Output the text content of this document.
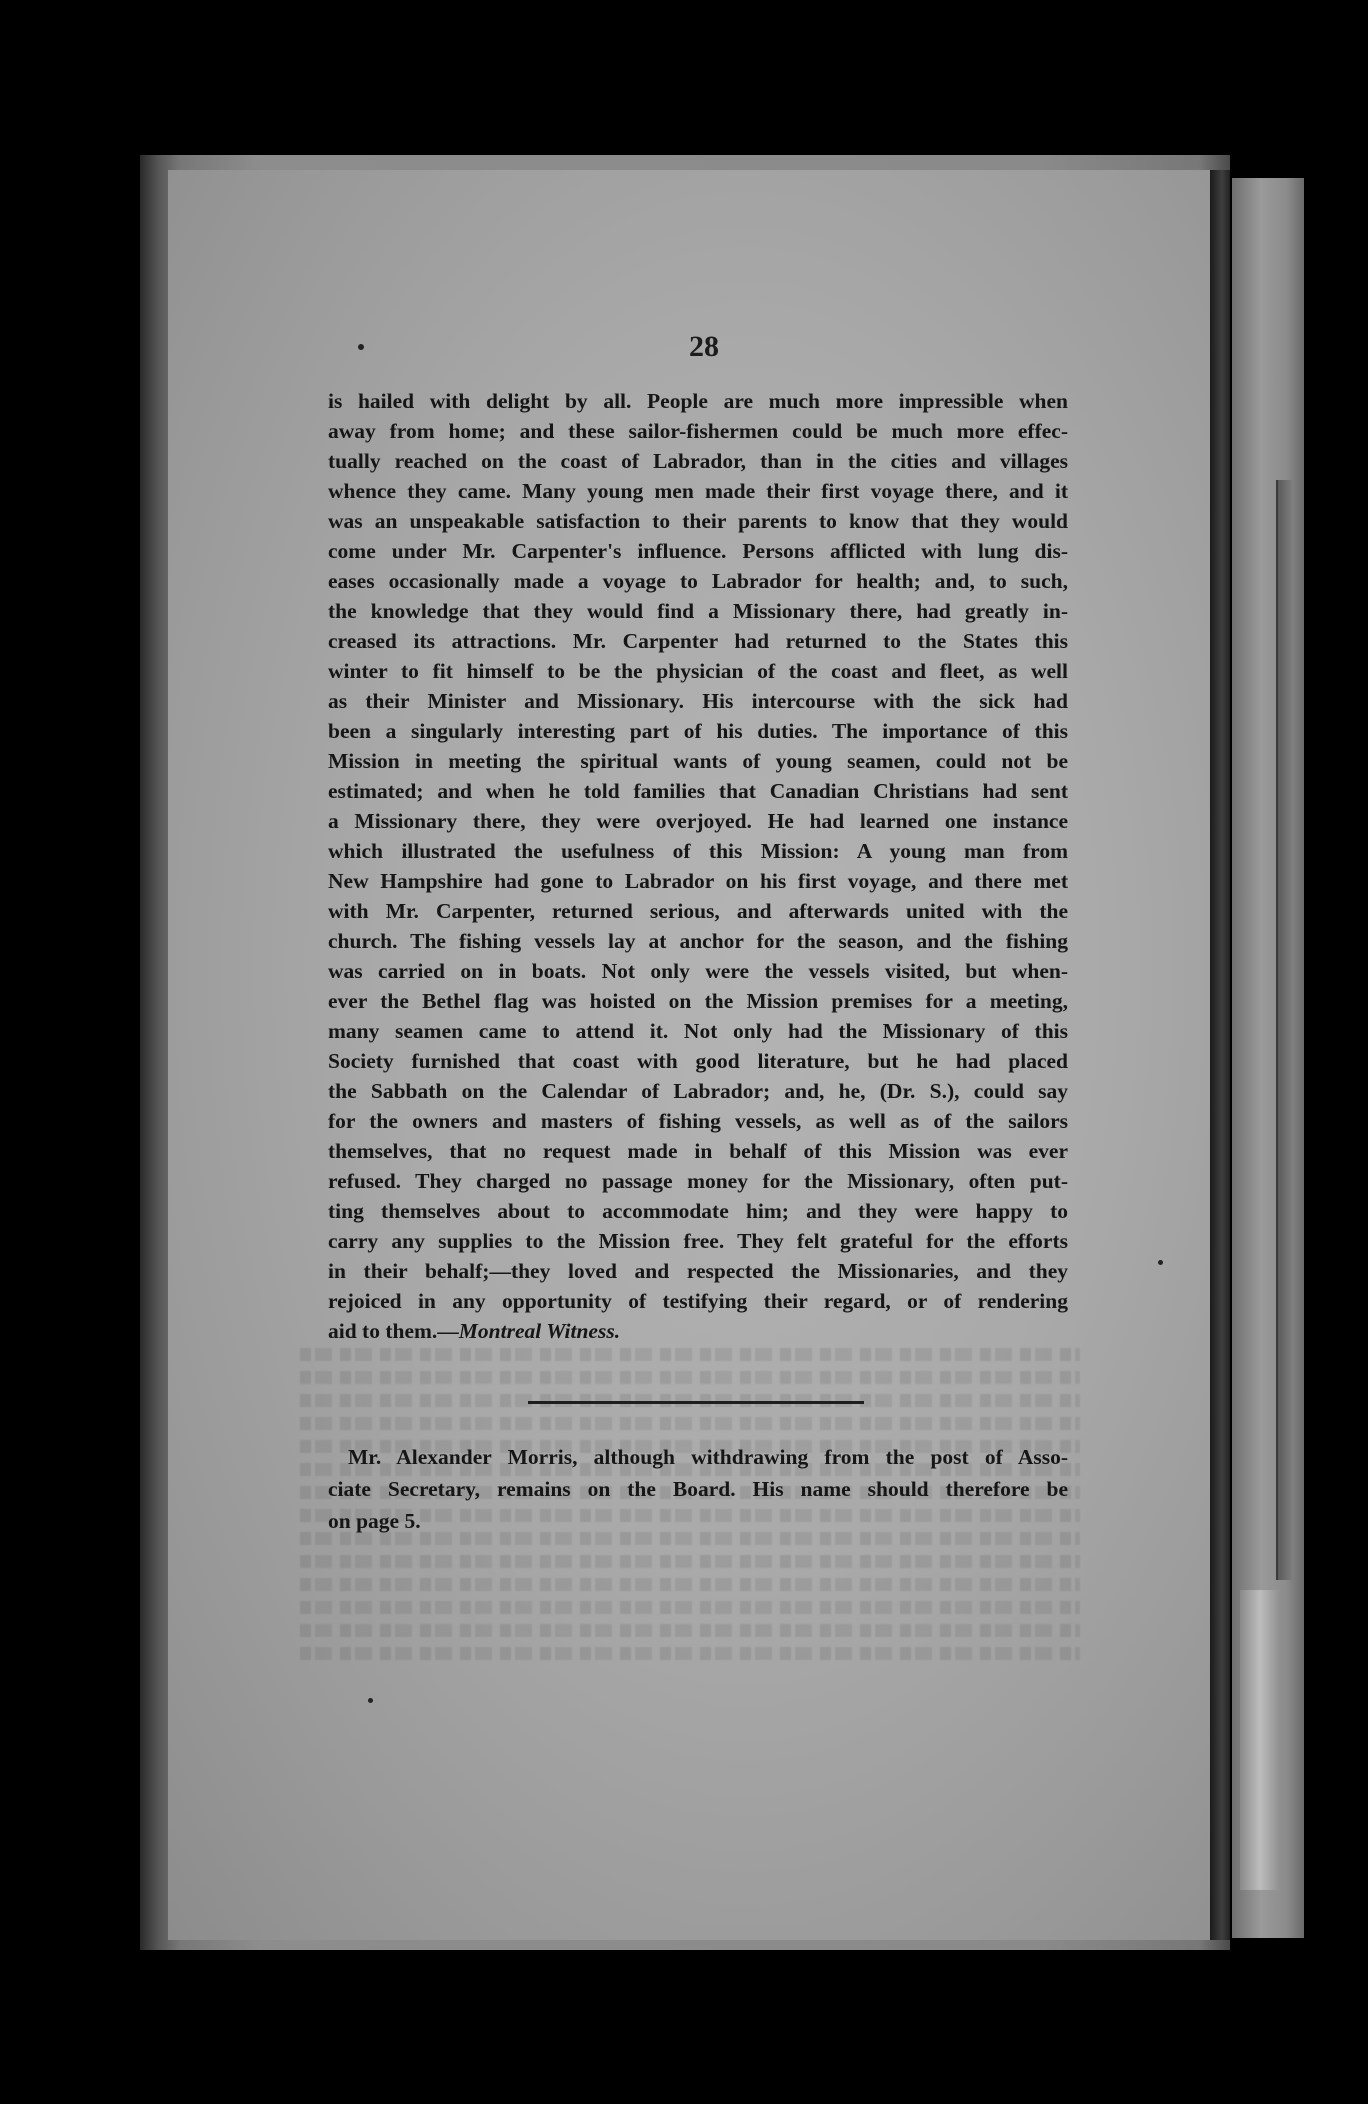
28
is hailed with delight by all. People are much more impressible when
away from home; and these sailor-fishermen could be much more effec-
tually reached on the coast of Labrador, than in the cities and villages
whence they came. Many young men made their first voyage there, and it
was an unspeakable satisfaction to their parents to know that they would
come under Mr. Carpenter's influence. Persons afflicted with lung dis-
eases occasionally made a voyage to Labrador for health; and, to such,
the knowledge that they would find a Missionary there, had greatly in-
creased its attractions. Mr. Carpenter had returned to the States this
winter to fit himself to be the physician of the coast and fleet, as well
as their Minister and Missionary. His intercourse with the sick had
been a singularly interesting part of his duties. The importance of this
Mission in meeting the spiritual wants of young seamen, could not be
estimated; and when he told families that Canadian Christians had sent
a Missionary there, they were overjoyed. He had learned one instance
which illustrated the usefulness of this Mission: A young man from
New Hampshire had gone to Labrador on his first voyage, and there met
with Mr. Carpenter, returned serious, and afterwards united with the
church. The fishing vessels lay at anchor for the season, and the fishing
was carried on in boats. Not only were the vessels visited, but when-
ever the Bethel flag was hoisted on the Mission premises for a meeting,
many seamen came to attend it. Not only had the Missionary of this
Society furnished that coast with good literature, but he had placed
the Sabbath on the Calendar of Labrador; and, he, (Dr. S.), could say
for the owners and masters of fishing vessels, as well as of the sailors
themselves, that no request made in behalf of this Mission was ever
refused. They charged no passage money for the Missionary, often put-
ting themselves about to accommodate him; and they were happy to
carry any supplies to the Mission free. They felt grateful for the efforts
in their behalf;—they loved and respected the Missionaries, and they
rejoiced in any opportunity of testifying their regard, or of rendering
aid to them.—Montreal Witness.
Mr. Alexander Morris, although withdrawing from the post of Asso-
ciate Secretary, remains on the Board. His name should therefore be
on page 5.
